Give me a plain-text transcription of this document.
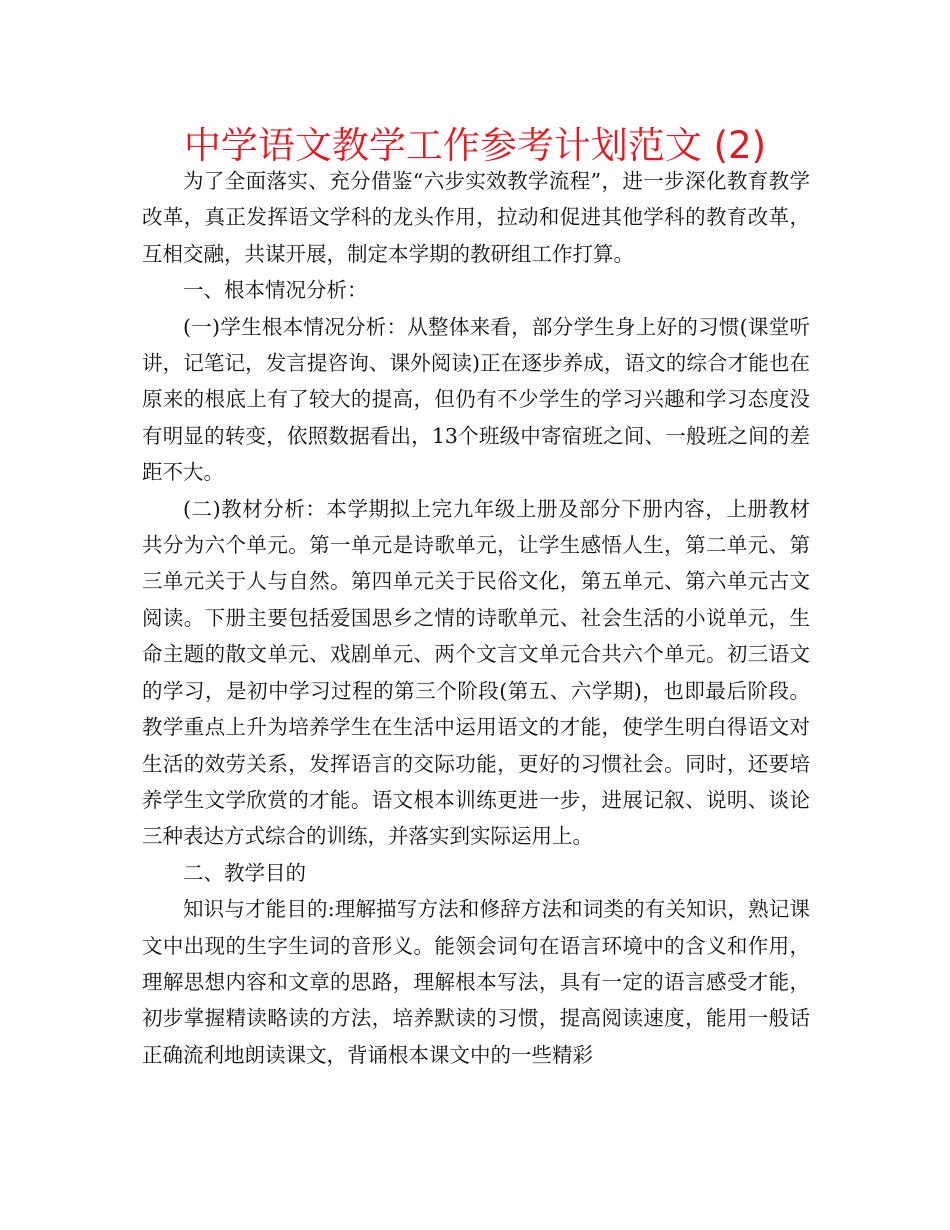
中学语文教学工作参考计划范文 (2)

为了全面落实、充分借鉴“六步实效教学流程”，进一步深化教育教学改革，真正发挥语文学科的龙头作用，拉动和促进其他学科的教育改革，互相交融，共谋开展，制定本学期的教研组工作打算。

一、根本情况分析：

(一)学生根本情况分析：从整体来看，部分学生身上好的习惯(课堂听讲，记笔记，发言提咨询、课外阅读)正在逐步养成，语文的综合才能也在原来的根底上有了较大的提高，但仍有不少学生的学习兴趣和学习态度没有明显的转变，依照数据看出，13个班级中寄宿班之间、一般班之间的差距不大。

(二)教材分析：本学期拟上完九年级上册及部分下册内容，上册教材共分为六个单元。第一单元是诗歌单元，让学生感悟人生，第二单元、第三单元关于人与自然。第四单元关于民俗文化，第五单元、第六单元古文阅读。下册主要包括爱国思乡之情的诗歌单元、社会生活的小说单元，生命主题的散文单元、戏剧单元、两个文言文单元合共六个单元。初三语文的学习，是初中学习过程的第三个阶段(第五、六学期)，也即最后阶段。教学重点上升为培养学生在生活中运用语文的才能，使学生明白得语文对生活的效劳关系，发挥语言的交际功能，更好的习惯社会。同时，还要培养学生文学欣赏的才能。语文根本训练更进一步，进展记叙、说明、谈论三种表达方式综合的训练，并落实到实际运用上。

二、教学目的

知识与才能目的:理解描写方法和修辞方法和词类的有关知识，熟记课文中出现的生字生词的音形义。能领会词句在语言环境中的含义和作用，理解思想内容和文章的思路，理解根本写法，具有一定的语言感受才能，初步掌握精读略读的方法，培养默读的习惯，提高阅读速度，能用一般话正确流利地朗读课文，背诵根本课文中的一些精彩
